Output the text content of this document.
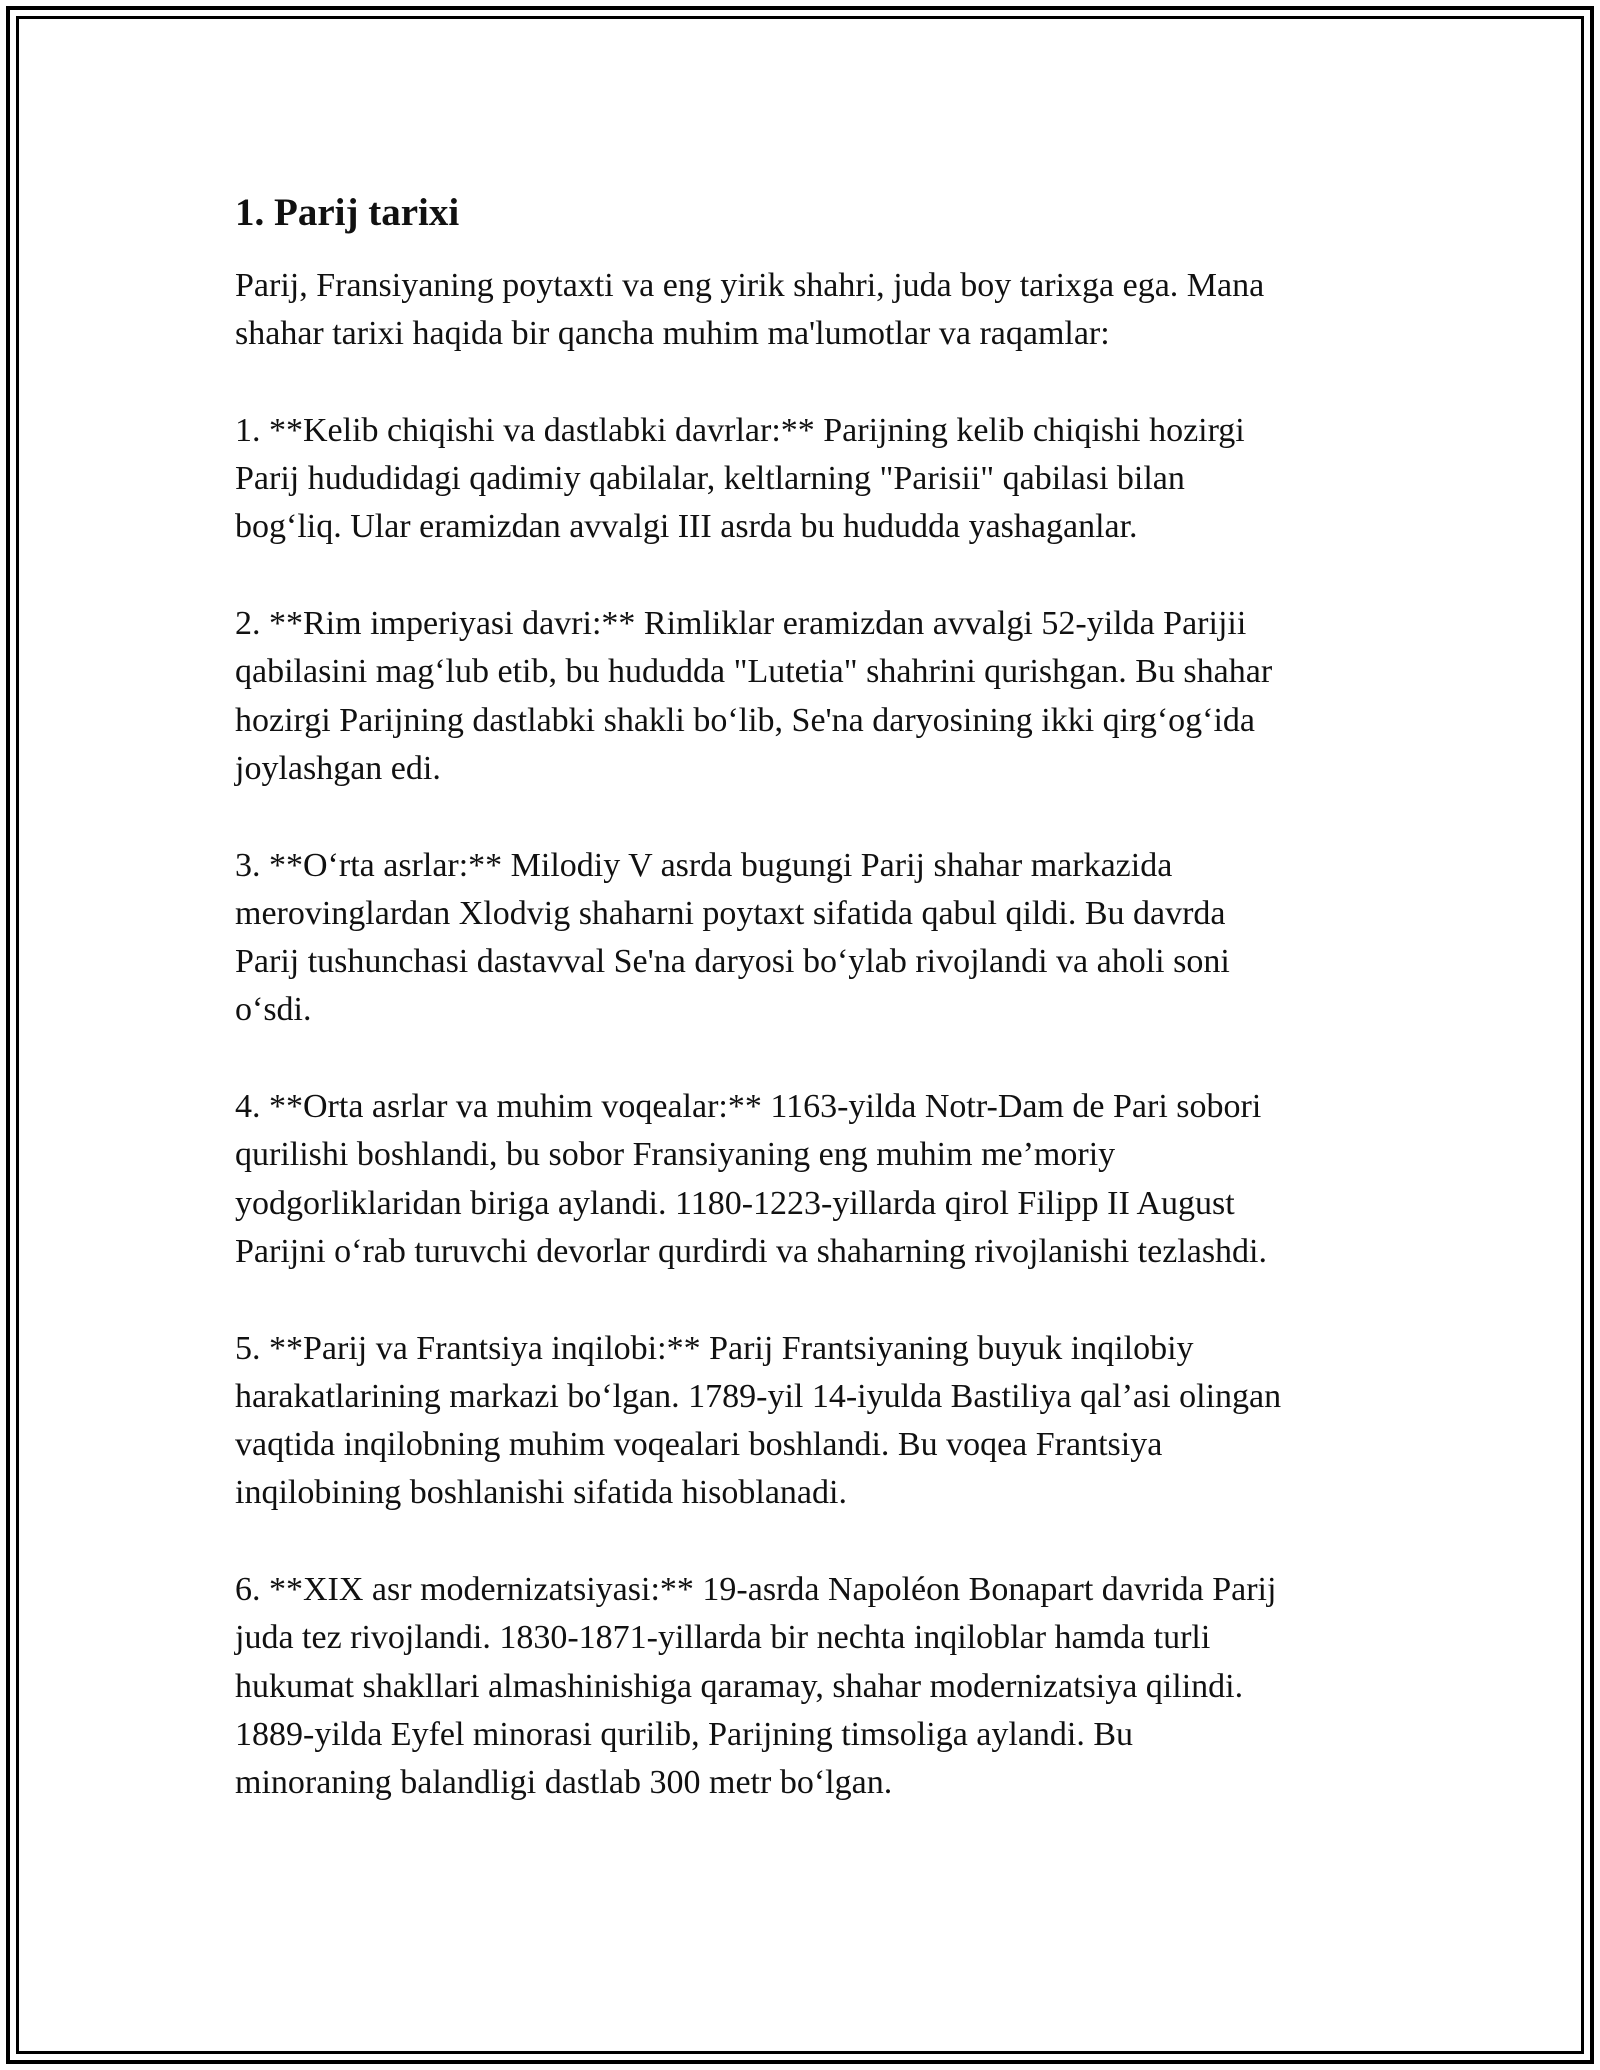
1. Parij tarixi

Parij, Fransiyaning poytaxti va eng yirik shahri, juda boy tarixga ega. Mana
shahar tarixi haqida bir qancha muhim ma'lumotlar va raqamlar:

1. **Kelib chiqishi va dastlabki davrlar:** Parijning kelib chiqishi hozirgi
Parij hududidagi qadimiy qabilalar, keltlarning "Parisii" qabilasi bilan
bog‘liq. Ular eramizdan avvalgi III asrda bu hududda yashaganlar.

2. **Rim imperiyasi davri:** Rimliklar eramizdan avvalgi 52-yilda Parijii
qabilasini mag‘lub etib, bu hududda "Lutetia" shahrini qurishgan. Bu shahar
hozirgi Parijning dastlabki shakli bo‘lib, Se'na daryosining ikki qirg‘og‘ida
joylashgan edi.

3. **O‘rta asrlar:** Milodiy V asrda bugungi Parij shahar markazida
merovinglardan Xlodvig shaharni poytaxt sifatida qabul qildi. Bu davrda
Parij tushunchasi dastavval Se'na daryosi bo‘ylab rivojlandi va aholi soni
o‘sdi.

4. **Orta asrlar va muhim voqealar:** 1163-yilda Notr-Dam de Pari sobori
qurilishi boshlandi, bu sobor Fransiyaning eng muhim me’moriy
yodgorliklaridan biriga aylandi. 1180-1223-yillarda qirol Filipp II August
Parijni o‘rab turuvchi devorlar qurdirdi va shaharning rivojlanishi tezlashdi.

5. **Parij va Frantsiya inqilobi:** Parij Frantsiyaning buyuk inqilobiy
harakatlarining markazi bo‘lgan. 1789-yil 14-iyulda Bastiliya qal’asi olingan
vaqtida inqilobning muhim voqealari boshlandi. Bu voqea Frantsiya
inqilobining boshlanishi sifatida hisoblanadi.

6. **XIX asr modernizatsiyasi:** 19-asrda Napoléon Bonapart davrida Parij
juda tez rivojlandi. 1830-1871-yillarda bir nechta inqiloblar hamda turli
hukumat shakllari almashinishiga qaramay, shahar modernizatsiya qilindi.
1889-yilda Eyfel minorasi qurilib, Parijning timsoliga aylandi. Bu
minoraning balandligi dastlab 300 metr bo‘lgan.
